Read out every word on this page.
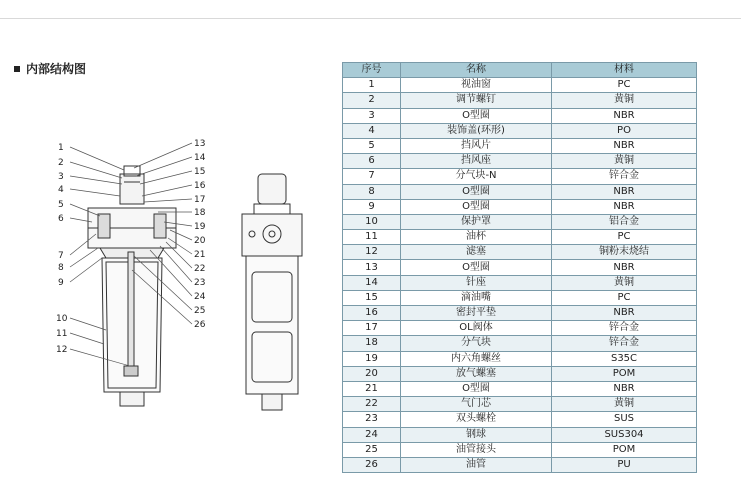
内部结构图
1
2
3
4
5
6
7
8
9
10
11
12
13
14
15
16
17
18
19
20
21
22
23
24
25
26
序号	名称	材料
1	视油窗	PC
2	调节螺钉	黄铜
3	O型圈	NBR
4	装饰盖(环形)	PO
5	挡风片	NBR
6	挡风座	黄铜
7	分气块-N	锌合金
8	O型圈	NBR
9	O型圈	NBR
10	保护罩	铝合金
11	油杯	PC
12	滤塞	铜粉末烧结
13	O型圈	NBR
14	针座	黄铜
15	滴油嘴	PC
16	密封平垫	NBR
17	OL阀体	锌合金
18	分气块	锌合金
19	内六角螺丝	S35C
20	放气螺塞	POM
21	O型圈	NBR
22	气门芯	黄铜
23	双头螺栓	SUS
24	钢球	SUS304
25	油管接头	POM
26	油管	PU
